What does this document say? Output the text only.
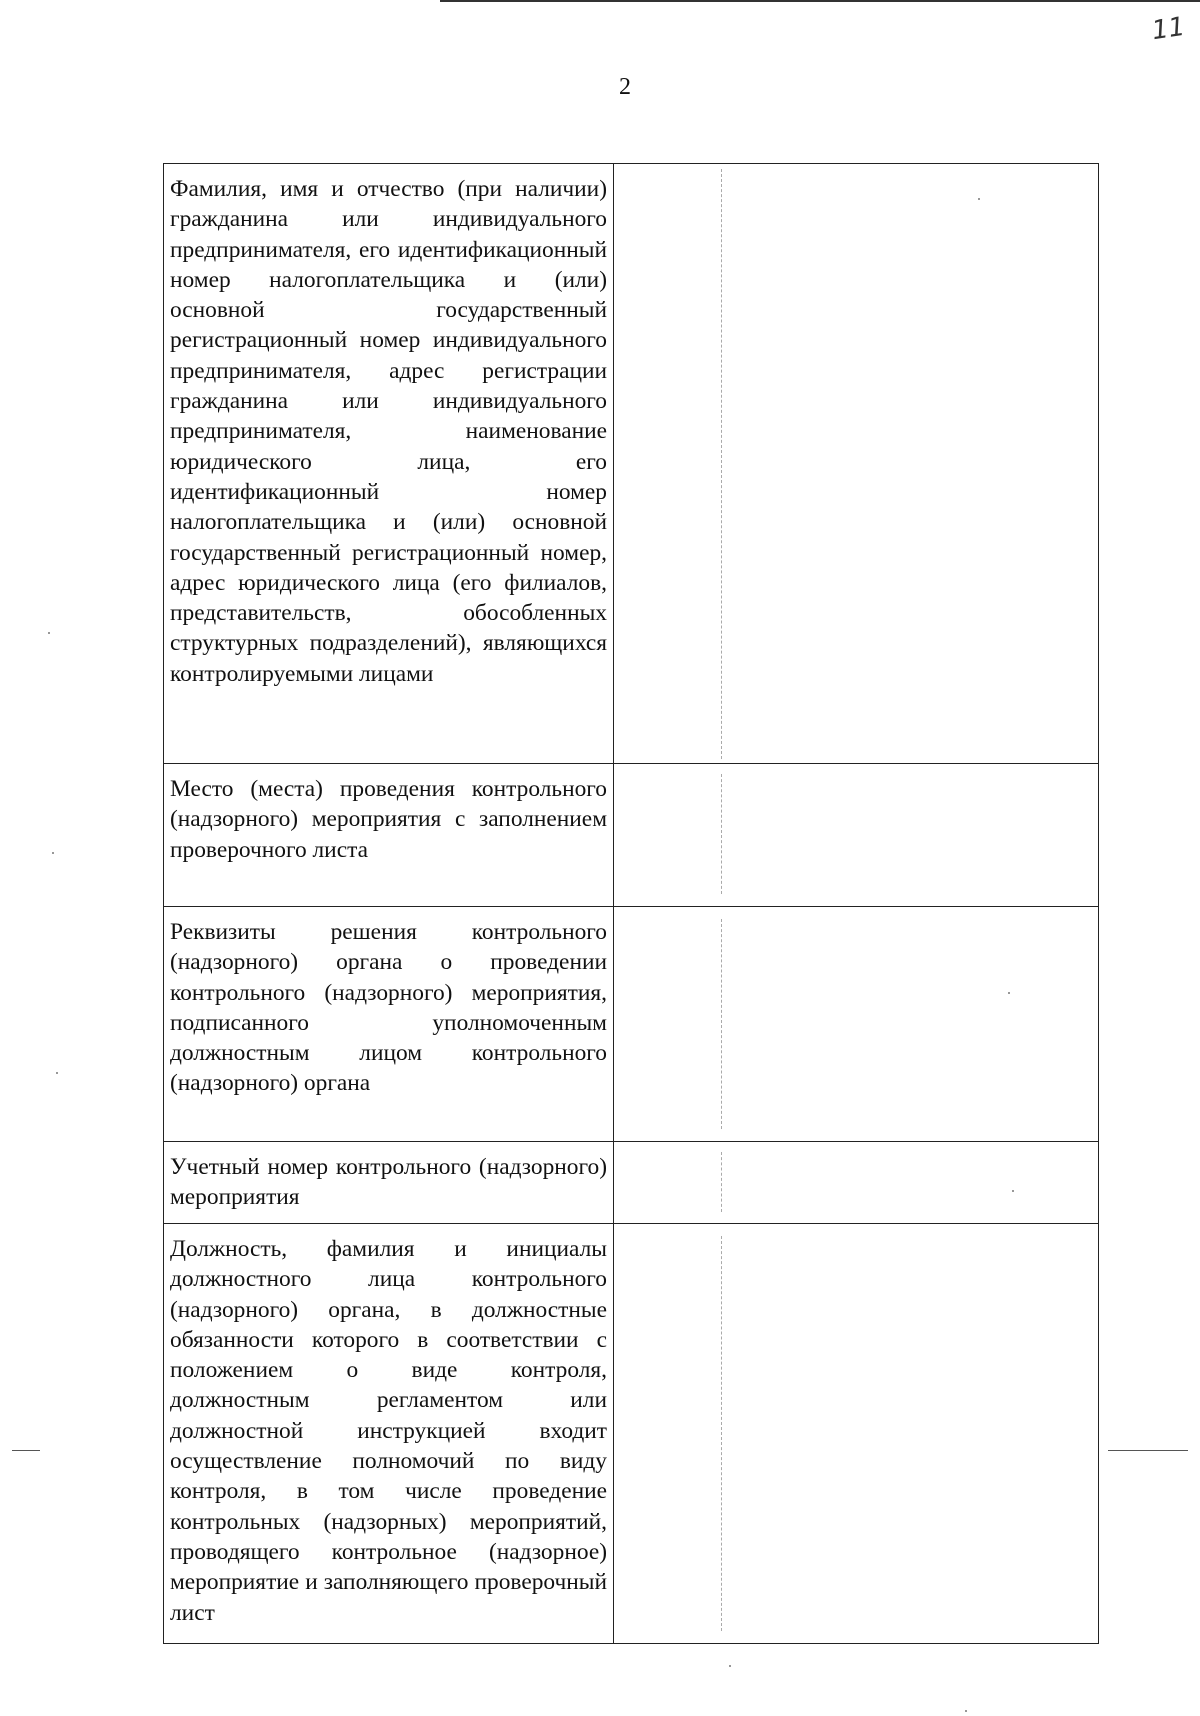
11
2
Фамилия, имя и отчество (при наличии) гражданина или индивидуального предпринимателя, его идентификационный номер налогоплательщика и (или) основной государственный регистрационный номер индивидуального предпринимателя, адрес регистрации гражданина или индивидуального предпринимателя, наименование юридического лица, его идентификационный номер налогоплательщика и (или) основной государственный регистрационный номер, адрес юридического лица (его филиалов, представительств, обособленных структурных подразделений), являющихся контролируемыми лицами	

Место (места) проведения контрольного (надзорного) мероприятия с заполнением проверочного листа	

Реквизиты решения контрольного (надзорного) органа о проведении контрольного (надзорного) мероприятия, подписанного уполномоченным должностным лицом контрольного (надзорного) органа	

Учетный номер контрольного (надзорного) мероприятия	

Должность, фамилия и инициалы должностного лица контрольного (надзорного) органа, в должностные обязанности которого в соответствии с положением о виде контроля, должностным регламентом или должностной инструкцией входит осуществление полномочий по виду контроля, в том числе проведение контрольных (надзорных) мероприятий, проводящего контрольное (надзорное) мероприятие и заполняющего проверочный лист	
